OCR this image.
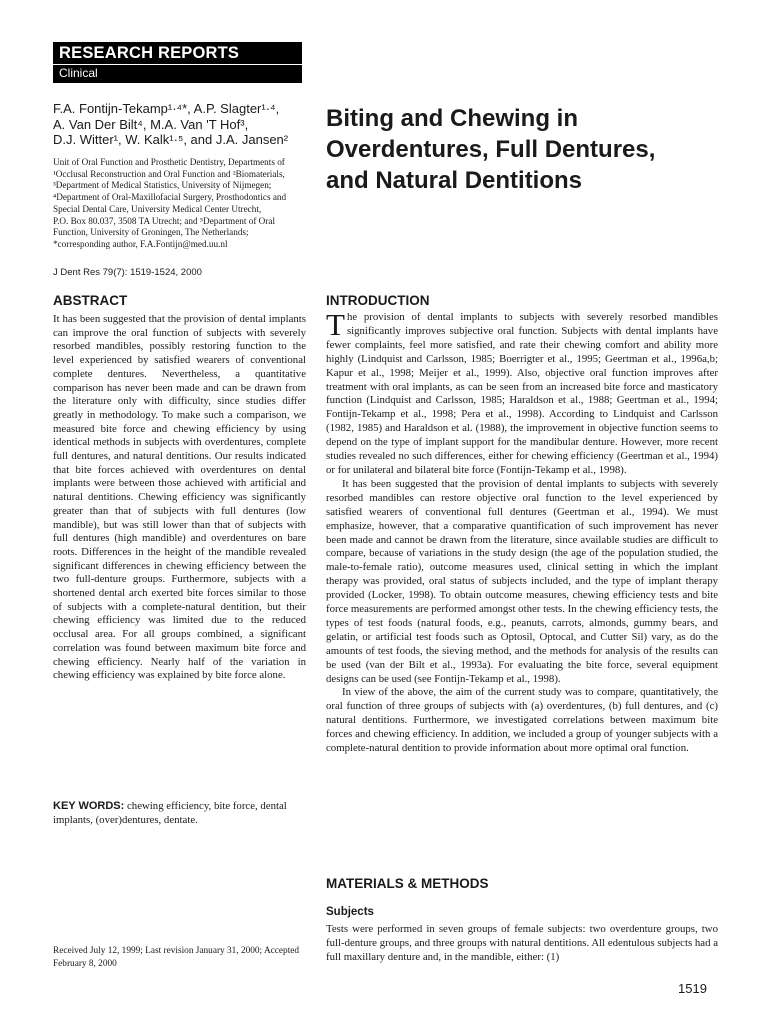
RESEARCH REPORTS
Clinical
F.A. Fontijn-Tekamp¹·⁴*, A.P. Slagter¹·⁴,
A. Van Der Bilt⁴, M.A. Van 'T Hof³,
D.J. Witter¹, W. Kalk¹·⁵, and J.A. Jansen²
Unit of Oral Function and Prosthetic Dentistry, Departments of
¹Occlusal Reconstruction and Oral Function and ²Biomaterials,
³Department of Medical Statistics, University of Nijmegen;
⁴Department of Oral-Maxillofacial Surgery, Prosthodontics and
Special Dental Care, University Medical Center Utrecht,
P.O. Box 80.037, 3508 TA Utrecht; and ⁵Department of Oral
Function, University of Groningen, The Netherlands;
*corresponding author, F.A.Fontijn@med.uu.nl
J Dent Res 79(7): 1519-1524, 2000
Biting and Chewing in
Overdentures, Full Dentures,
and Natural Dentitions
ABSTRACT
It has been suggested that the provision of dental implants can improve the oral function of subjects with severely resorbed mandibles, possibly restoring function to the level experienced by satisfied wearers of conventional complete dentures. Nevertheless, a quantitative comparison has never been made and can be drawn from the literature only with difficulty, since studies differ greatly in methodology. To make such a comparison, we measured bite force and chewing efficiency by using identical methods in subjects with overdentures, complete full dentures, and natural dentitions. Our results indicated that bite forces achieved with overdentures on dental implants were between those achieved with artificial and natural dentitions. Chewing efficiency was significantly greater than that of subjects with full dentures (low mandible), but was still lower than that of subjects with full dentures (high mandible) and overdentures on bare roots. Differences in the height of the mandible revealed significant differences in chewing efficiency between the two full-denture groups. Furthermore, subjects with a shortened dental arch exerted bite forces similar to those of subjects with a complete-natural dentition, but their chewing efficiency was limited due to the reduced occlusal area. For all groups combined, a significant correlation was found between maximum bite force and chewing efficiency. Nearly half of the variation in chewing efficiency was explained by bite force alone.
KEY WORDS: chewing efficiency, bite force, dental implants, (over)dentures, dentate.
Received July 12, 1999; Last revision January 31, 2000; Accepted February 8, 2000
INTRODUCTION

The provision of dental implants to subjects with severely resorbed mandibles significantly improves subjective oral function. Subjects with dental implants have fewer complaints, feel more satisfied, and rate their chewing comfort and ability more highly (Lindquist and Carlsson, 1985; Boerrigter et al., 1995; Geertman et al., 1996a,b; Kapur et al., 1998; Meijer et al., 1999). Also, objective oral function improves after treatment with oral implants, as can be seen from an increased bite force and masticatory function (Lindquist and Carlsson, 1985; Haraldson et al., 1988; Geertman et al., 1994; Fontijn-Tekamp et al., 1998; Pera et al., 1998). According to Lindquist and Carlsson (1982, 1985) and Haraldson et al. (1988), the improvement in objective function seems to depend on the type of implant support for the mandibular denture. However, more recent studies revealed no such differences, either for chewing efficiency (Geertman et al., 1994) or for unilateral and bilateral bite force (Fontijn-Tekamp et al., 1998).

It has been suggested that the provision of dental implants to subjects with severely resorbed mandibles can restore objective oral function to the level experienced by satisfied wearers of conventional full dentures (Geertman et al., 1994). We must emphasize, however, that a comparative quantification of such improvement has never been made and cannot be drawn from the literature, since available studies are difficult to compare, because of variations in the study design (the age of the population studied, the male-to-female ratio), outcome measures used, clinical setting in which the implant therapy was provided, oral status of subjects included, and the type of implant therapy provided (Locker, 1998). To obtain outcome measures, chewing efficiency tests and bite force measurements are performed amongst other tests. In the chewing efficiency tests, the types of test foods (natural foods, e.g., peanuts, carrots, almonds, gummy bears, and gelatin, or artificial test foods such as Optosil, Optocal, and Cutter Sil) vary, as do the amounts of test foods, the sieving method, and the methods for analysis of the results can be used (van der Bilt et al., 1993a). For evaluating the bite force, several equipment designs can be used (see Fontijn-Tekamp et al., 1998).

In view of the above, the aim of the current study was to compare, quantitatively, the oral function of three groups of subjects with (a) overdentures, (b) full dentures, and (c) natural dentitions. Furthermore, we investigated correlations between maximum bite forces and chewing efficiency. In addition, we included a group of younger subjects with a complete-natural dentition to provide information about more optimal oral function.

MATERIALS & METHODS
Subjects
Tests were performed in seven groups of female subjects: two overdenture groups, two full-denture groups, and three groups with natural dentitions. All edentulous subjects had a full maxillary denture and, in the mandible, either: (1)
1519
